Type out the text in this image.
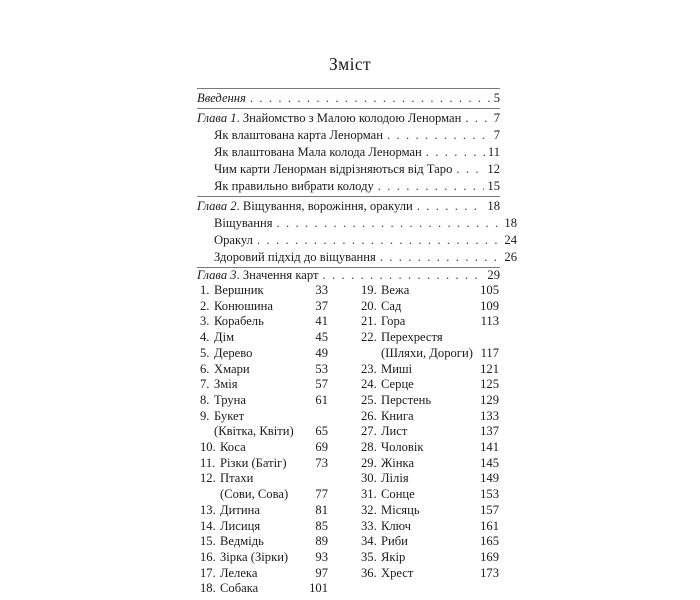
Зміст
Введення . . .	5
Глава 1. Знайомство з Малою колодою Ленорман . . .	7
Як влаштована карта Ленорман . . .	7
Як влаштована Мала колода Ленорман . . .	11
Чим карти Ленорман відрізняються від Таро . . .	12
Як правильно вибрати колоду . . .	15
Глава 2. Віщування, ворожіння, оракули . . .	18
Віщування . . .	18
Оракул . . .	24
Здоровий підхід до віщування . . .	26
Глава 3. Значення карт . . .	29
1. Вершник	33
2. Конюшина	37
3. Корабель	41
4. Дім	45
5. Дерево	49
6. Хмари	53
7. Змія	57
8. Труна	61
9. Букет
(Квітка, Квіти)	65
10. Коса	69
11. Різки (Батіг)	73
12. Птахи
(Сови, Сова)	77
13. Дитина	81
14. Лисиця	85
15. Ведмідь	89
16. Зірка (Зірки)	93
17. Лелека	97
18. Собака	101
19. Вежа	105
20. Сад	109
21. Гора	113
22. Перехрестя
(Шляхи, Дороги) 117
23. Миші	121
24. Серце	125
25. Перстень	129
26. Книга	133
27. Лист	137
28. Чоловік	141
29. Жінка	145
30. Лілія	149
31. Сонце	153
32. Місяць	157
33. Ключ	161
34. Риби	165
35. Якір	169
36. Хрест	173
